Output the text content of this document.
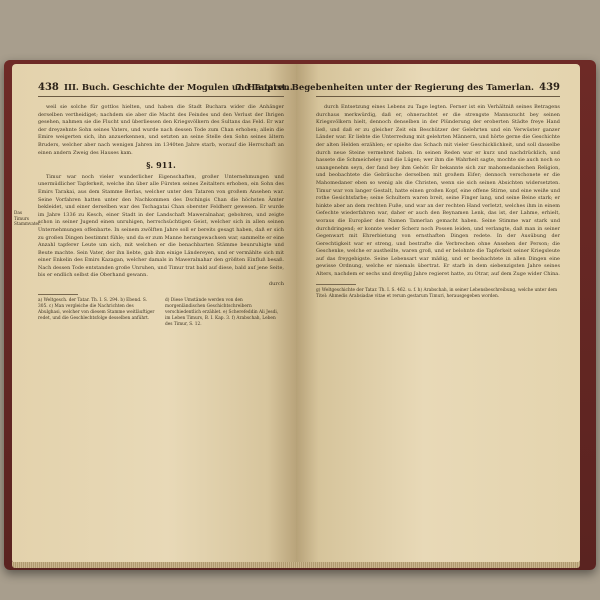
438 III. Buch. Geschichte der Mogulen und Tataren.

weil sie solche für gottlos hielten, und haben die Stadt Buchara wider die Anhänger derselben vertheidiget; nachdem sie aber die Macht des Feindes und den Verlust der Ihrigen gesehen, nahmen sie die Flucht und überliessen den Kriegsvölkern des Sultans das Feld. Er war der dreyzehnte Sohn seines Vaters, und wurde nach dessen Tode zum Chan erhoben; allein die Emire weigerten sich, ihn anzuerkennen, und setzten an seine Stelle den Sohn seines ältern Bruders, welcher aber nach wenigen Jahren im 1340ten Jahre starb, worauf die Herrschaft an einen andern Zweig des Hauses kam.

§. 911.

Timur war noch vieler wunderlicher Eigenschaften, großer Unternehmungen und unermüdlicher Tapferkeit, welche ihn über alle Fürsten seines Zeitalters erhoben, ein Sohn des Emirs Tarakai, aus dem Stamme Berlas, welcher unter den Tataren von großem Ansehen war. Seine Vorfahren hatten unter den Nachkommen des Dschingis Chan die höchsten Ämter bekleidet, und einer derselben war des Tschagatai Chan oberster Feldherr gewesen. Er wurde im Jahre 1336 zu Kesch, einer Stadt in der Landschaft Maweralnahar, gebohren, und zeigte schon in seiner Jugend einen unruhigen, herrschsüchtigen Geist, welcher sich in allen seinen Unternehmungen offenbarte. In seinem zwölften Jahre soll er bereits gesagt haben, daß er sich zu großen Dingen bestimmt fühle; und da er zum Manne herangewachsen war, sammelte er eine Anzahl tapferer Leute um sich, mit welchen er die benachbarten Stämme beunruhigte und Beute machte. Sein Vater, der ihn liebte, gab ihm einige Ländereyen, und er vermählte sich mit einer Enkelin des Emirs Kazagan, welcher damals in Maweralnahar den größten Einfluß besaß. Nach dessen Tode entstanden große Unruhen, und Timur trat bald auf diese, bald auf jene Seite, bis er endlich selbst die Oberhand gewann.

durch
Das Timurs Stammvater.
a) Weltgesch. der Tatar. Th. I. S. 294. b) Ebend. S. 305. c) Man vergleiche die Nachrichten des Abulghasi, welcher von diesem Stamme weitläuftiger redet, und die Geschlechtsfolge desselben anführt.
d) Diese Umstände werden von den morgenländischen Geschichtschreibern verschiedentlich erzählet. e) Scherefeddin Ali Jesdi, im Leben Timurs, B. I. Kap. 3. f) Arabschah, Leben des Timur, S. 12.
7. Hauptst. Begebenheiten unter der Regierung des Tamerlan. 439

durch Entsetzung eines Lebens zu Tage legten. Ferner ist ein Verhältniß seines Betragens durchaus merkwürdig, daß er, ohnerachtet er die strengste Mannszucht bey seinen Kriegsvölkern hielt, dennoch denselben in der Plünderung der eroberten Städte freye Hand ließ, und daß er zu gleicher Zeit ein Beschützer der Gelehrten und ein Verwüster ganzer Länder war. Er liebte die Unterredung mit gelehrten Männern, und hörte gerne die Geschichte der alten Helden erzählen; er spielte das Schach mit vieler Geschicklichkeit, und soll dasselbe durch neue Steine vermehret haben. In seinen Reden war er kurz und nachdrücklich, und hassete die Schmeicheley und die Lügen; wer ihm die Wahrheit sagte, mochte sie auch noch so unangenehm seyn, der fand bey ihm Gehör. Er bekannte sich zur mahomedanischen Religion, und beobachtete die Gebräuche derselben mit großem Eifer; dennoch verschonete er die Mahomedaner eben so wenig als die Christen, wenn sie sich seinen Absichten widersetzten. Timur war von langer Gestalt, hatte einen großen Kopf, eine offene Stirne, und eine weiße und rothe Gesichtsfarbe; seine Schultern waren breit, seine Finger lang, und seine Beine stark; er hinkte aber an dem rechten Fuße, und war an der rechten Hand verletzt, welches ihm in einem Gefechte wiederfahren war, daher er auch den Beynamen Lenk, das ist, der Lahme, erhielt, woraus die Europäer den Namen Tamerlan gemacht haben. Seine Stimme war stark und durchdringend; er konnte weder Scherz noch Possen leiden, und verlangte, daß man in seiner Gegenwart mit Ehrerbietung von ernsthaften Dingen redete. In der Ausübung der Gerechtigkeit war er streng, und bestrafte die Verbrechen ohne Ansehen der Person; die Geschenke, welche er austheilte, waren groß, und er belohnte die Tapferkeit seiner Kriegsleute auf das freygebigste. Seine Lebensart war mäßig, und er beobachtete in allen Dingen eine gewisse Ordnung, welche er niemals übertrat. Er starb in dem siebenzigsten Jahre seines Alters, nachdem er sechs und dreyßig Jahre regieret hatte, zu Otrar, auf dem Zuge wider China.

g) Weltgeschichte der Tatar. Th. I. S. 462. u. f. h) Arabschah, in seiner Lebensbeschreibung, welche unter dem Titel: Ahmedis Arabsiadae vitae et rerum gestarum Timuri, herausgegeben worden.
